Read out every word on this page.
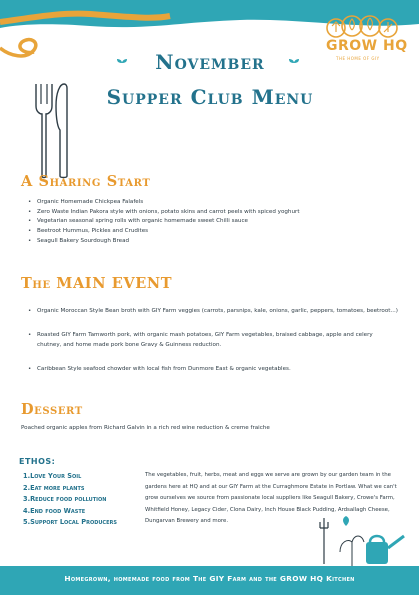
GROW HQ
THE HOME OF GIY
November
Supper Club Menu
A Sharing Start
• Organic Homemade Chickpea Falafels
• Zero Waste Indian Pakora style with onions, potato skins and carrot peels with spiced yoghurt
• Vegetarian seasonal spring rolls with organic homemade sweet Chilli sauce
• Beetroot Hummus, Pickles and Crudites
• Seagull Bakery Sourdough Bread
The MAIN EVENT
• Organic Moroccan Style Bean broth with GIY Farm veggies (carrots, parsnips, kale, onions, garlic, peppers, tomatoes, beetroot...)
• Roasted GIY Farm Tamworth pork, with organic mash potatoes, GIY Farm vegetables, braised cabbage, apple and celery chutney, and home made pork bone Gravy & Guinness reduction.
• Caribbean Style seafood chowder with local fish from Dunmore East & organic vegetables.
Dessert
Poached organic apples from Richard Galvin in a rich red wine reduction & creme fraiche
ETHOS:
1.Love Your Soil
2.Eat more plants
3.Reduce food pollution
4.End food Waste
5.Support Local Producers
The vegetables, fruit, herbs, meat and eggs we serve are grown by our garden team in the gardens here at HQ and at our GIY Farm at the Curraghmore Estate in Portlaw. What we can't grow ourselves we source from passionate local suppliers like Seagull Bakery, Crowe's Farm, Whitfield Honey, Legacy Cider, Clona Dairy, Inch House Black Pudding, Ardsallagh Cheese, Dungarvan Brewery and more.
Homegrown, homemade food from The GIY Farm and the GROW HQ Kitchen
